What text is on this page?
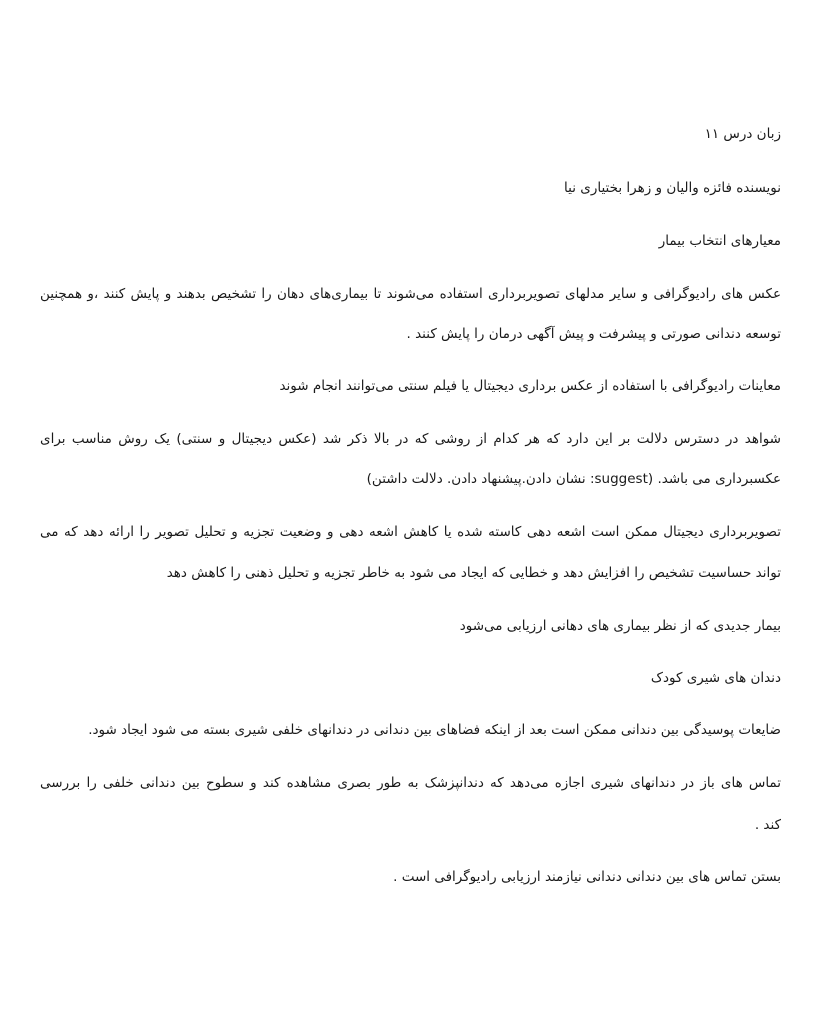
زبان درس ۱۱
نویسنده فائزه والیان و زهرا بختیاری نیا
معیارهای انتخاب بیمار
عکس های رادیوگرافی و سایر مدلهای تصویربرداری استفاده می‌شوند تا بیماری‌های دهان را تشخیص بدهند و پایش کنند ،و همچنین
توسعه دندانی صورتی و پیشرفت و پیش آگهی درمان را پایش کنند .
معاینات رادیوگرافی با استفاده از عکس برداری دیجیتال یا فیلم سنتی می‌توانند انجام شوند
شواهد در دسترس دلالت بر این دارد که هر کدام از روشی که در بالا ذکر شد (عکس دیجیتال و سنتی) یک روش مناسب برای
عکسبرداری می باشد. (suggest: نشان دادن.پیشنهاد دادن. دلالت داشتن)
تصویربرداری دیجیتال ممکن است اشعه دهی کاسته شده یا کاهش اشعه دهی و وضعیت تجزیه و تحلیل تصویر را ارائه دهد که می
تواند حساسیت تشخیص را افزایش دهد و خطایی که ایجاد می شود به خاطر تجزیه و تحلیل ذهنی را کاهش دهد
بیمار جدیدی که از نظر بیماری های دهانی ارزیابی می‌شود
دندان های شیری کودک
ضایعات پوسیدگی بین دندانی ممکن است بعد از اینکه فضاهای بین دندانی در دندانهای خلفی شیری بسته می شود ایجاد شود.
تماس های باز در دندانهای شیری اجازه می‌دهد که دندانپزشک به طور بصری مشاهده کند و سطوح بین دندانی خلفی را بررسی
کند .
بستن تماس های بین دندانی دندانی نیازمند ارزیابی رادیوگرافی است .
